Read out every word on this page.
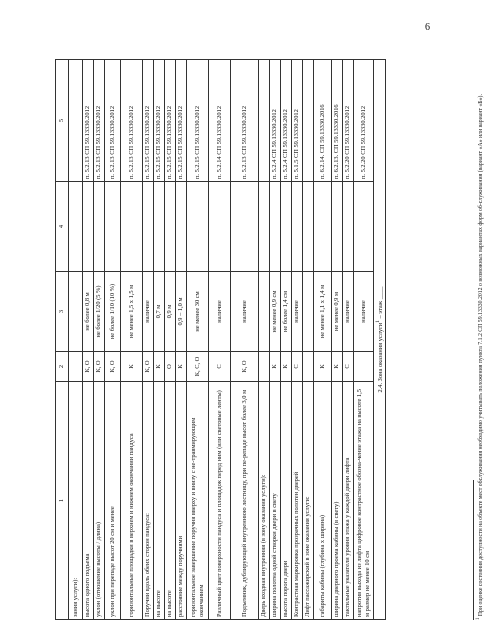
6
1	2	3	4	5
зания услуги):				
высота одного подъема	К, О	не более 0,8 м		п. 5.2.13 СП 59.13330.2012
уклон (отношение высоты / длина)	К, О	не более 1/20 (5 %)		п. 5.2.13 СП 59.13330.2012
уклон при перепаде высот 20 см и менее	К, О	не более 1/10 (10 %)		п. 5.2.13 СП 59.13330.2012
горизонтальные площадки в верхнем и нижнем окончании пандуса	К	не менее 1,5 х 1,5 м		п. 5.2.13 СП 59.13330.2012
Поручни вдоль обеих сторон пандуса:	К, О	наличие		п. 5.2.15 СП 59.13330.2012
на высоте	К	0,7 м		п. 5.2.15 СП 59.13330.2012
на высоте	О	0,9 м		п. 5.2.15 СП 59.13330.2012
расстояние между поручнями	К	0,9 – 1,0 м		п. 5.2.15 СП 59.13330.2012
горизонтальное завершение поручня вверху и внизу с не-травмирующим окончанием	К, С, О	не менее 30 см		п. 5.2.15 СП 59.13330.2012
Различный цвет поверхности пандуса и площадок перед ним (или световые ленты)	С	наличие		п. 5.2.14 СП 59.13330.2012
Подъемник, дублирующий внутреннюю лестницу, при пе-репаде высот более 3,0 м	К, О	наличие		п. 5.2.13 СП 59.13330.2012
Дверь входная внутренняя (в зону оказания услуги):				
ширина полотна одной створки двери в свету	К	не менее 0,9 см		п. 5.2.4 СП 59.13330.2012
высота порога двери	К	не более 1,4 см		п. 5.2.4 СП 59.13330.2012
Контрастная маркировка прозрачных полотен дверей	С	наличие		п. 5.1.5 СП 59.13330.2012
Лифт пассажирский в зоне оказания услуги:				
габариты кабины (глубина х ширина)	К	не менее 1,1 х 1,4 м		п. 6.2.14. СП 59.13330.2016
ширина дверного проема кабины (в свету)	К	не менее 0,9 м		п. 6.2.13. СП 59.13330.2016
тактильные указатели уровня этажа у каждой двери лифта	С	наличие		п. 5.2.20 СП 59.13330.2012
напротив выхода из лифта цифровое контрастное обозна-чение этажа на высоте 1,5 м размер не менее 10 см		наличие		п. 5.2.20 СП 59.13330.2012
2.4. Зона оказания услуги$^1$ – этаж ____				
$^1$ При оценке состояния доступности на объекте мест обслуживания необходимо учитывать положения пункта 7.1.2 СП 59.13330.2012 о возможных вариантах форм об-служивания (вариант «А» или вариант «Б»).
